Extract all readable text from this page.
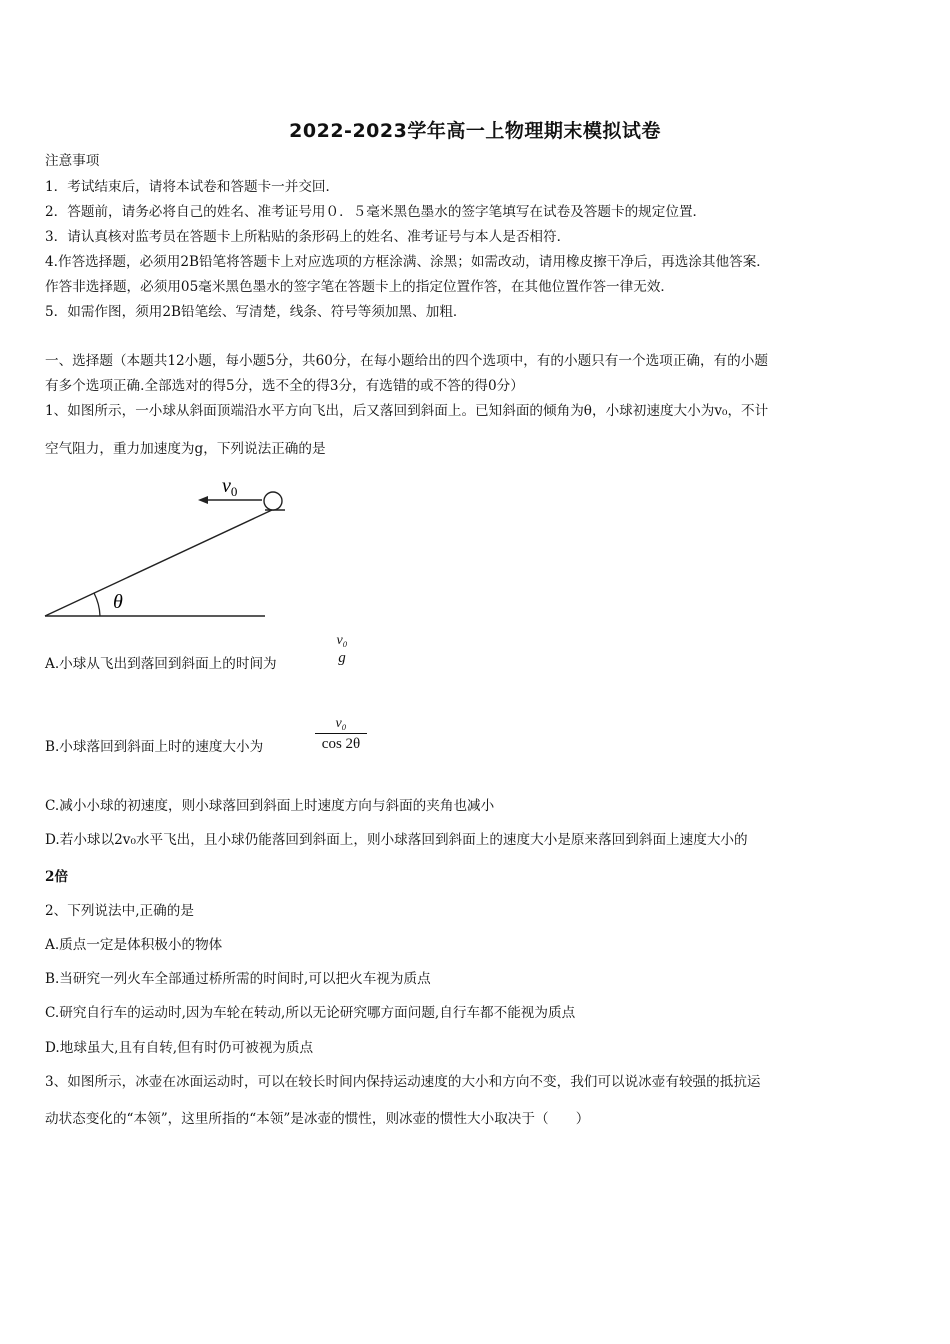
2022-2023学年高一上物理期末模拟试卷
注意事项
1．考试结束后，请将本试卷和答题卡一并交回．
2．答题前，请务必将自己的姓名、准考证号用０．５毫米黑色墨水的签字笔填写在试卷及答题卡的规定位置．
3．请认真核对监考员在答题卡上所粘贴的条形码上的姓名、准考证号与本人是否相符．
4.作答选择题，必须用2B铅笔将答题卡上对应选项的方框涂满、涂黑；如需改动，请用橡皮擦干净后，再选涂其他答案．
作答非选择题，必须用05毫米黑色墨水的签字笔在答题卡上的指定位置作答，在其他位置作答一律无效．
5．如需作图，须用2B铅笔绘、写清楚，线条、符号等须加黑、加粗．
一、选择题（本题共12小题，每小题5分，共60分，在每小题给出的四个选项中，有的小题只有一个选项正确，有的小题
有多个选项正确.全部选对的得5分，选不全的得3分，有选错的或不答的得0分）
1、如图所示，一小球从斜面顶端沿水平方向飞出，后又落回到斜面上。已知斜面的倾角为θ，小球初速度大小为v₀，不计
空气阻力，重力加速度为g，下列说法正确的是
$v_0$
θ
A.小球从飞出到落回到斜面上的时间为
v₀
g
B.小球落回到斜面上时的速度大小为
v₀
cos 2θ
C.减小小球的初速度，则小球落回到斜面上时速度方向与斜面的夹角也减小
D.若小球以2v₀水平飞出，且小球仍能落回到斜面上，则小球落回到斜面上的速度大小是原来落回到斜面上速度大小的
2倍
2、下列说法中,正确的是
A.质点一定是体积极小的物体
B.当研究一列火车全部通过桥所需的时间时,可以把火车视为质点
C.研究自行车的运动时,因为车轮在转动,所以无论研究哪方面问题,自行车都不能视为质点
D.地球虽大,且有自转,但有时仍可被视为质点
3、如图所示，冰壶在冰面运动时，可以在较长时间内保持运动速度的大小和方向不变，我们可以说冰壶有较强的抵抗运
动状态变化的“本领”，这里所指的“本领”是冰壶的惯性，则冰壶的惯性大小取决于（　　）
